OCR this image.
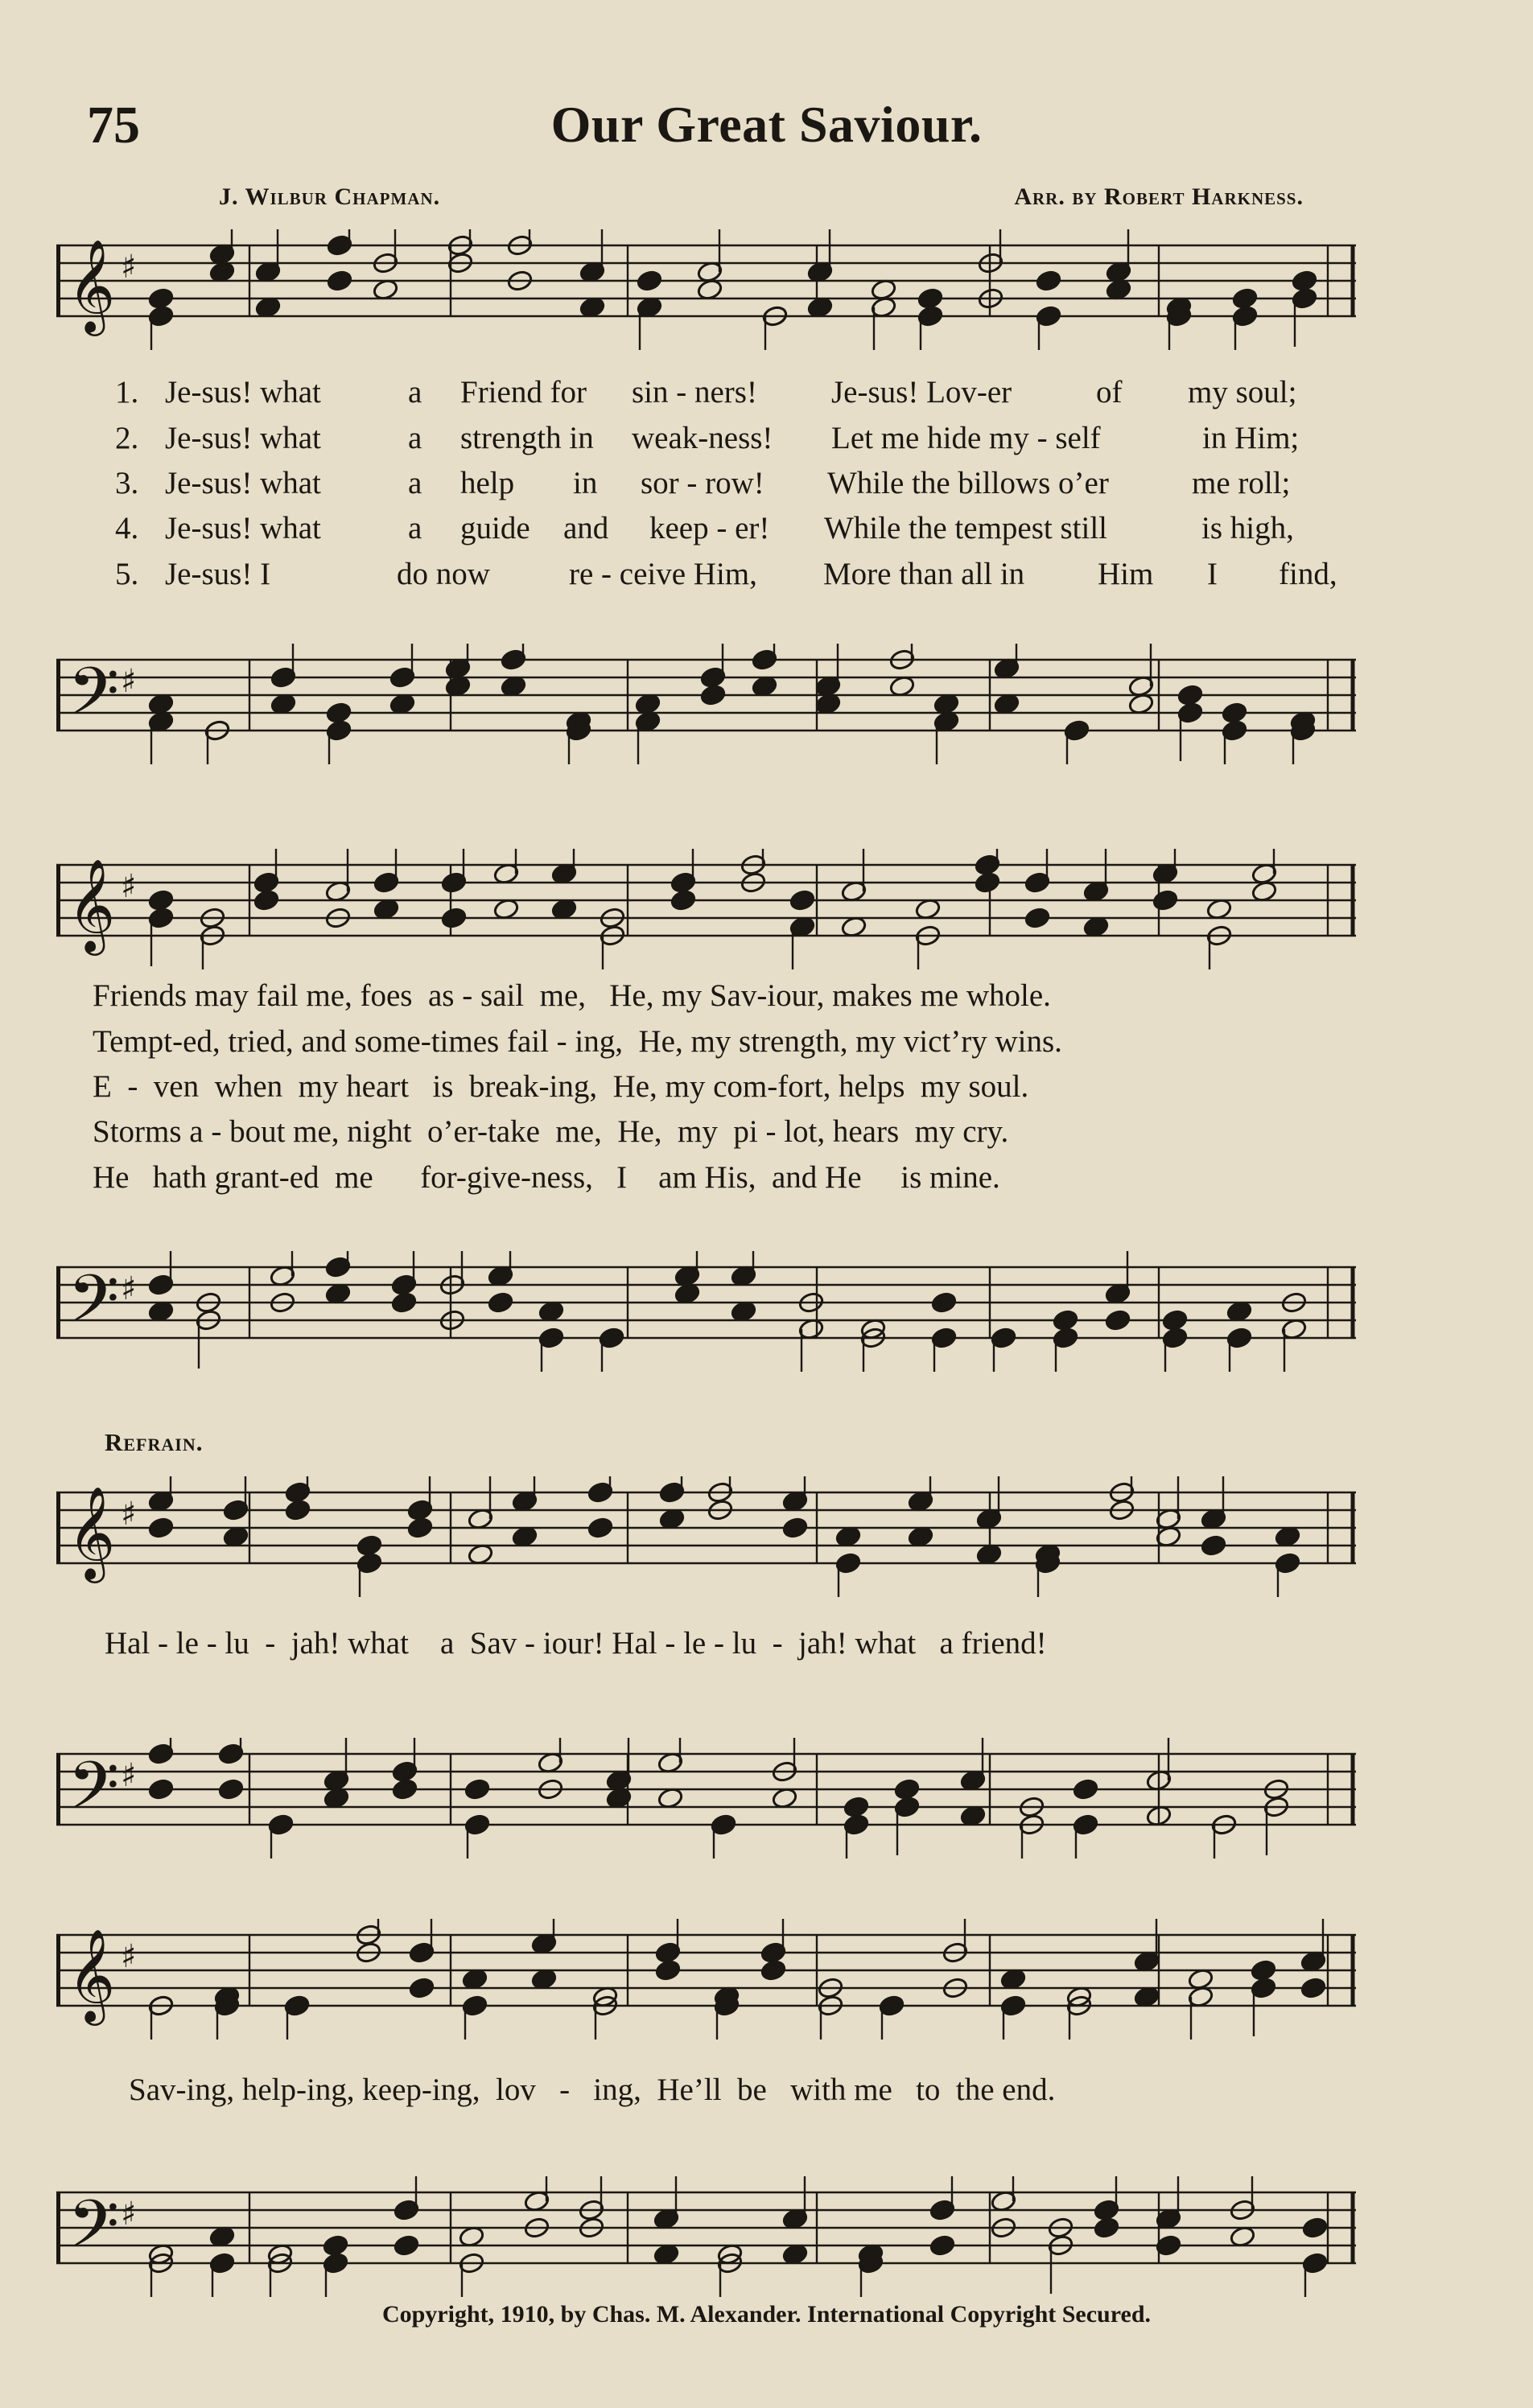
75	Our Great Saviour.
J. Wilbur Chapman.	Arr. by Robert Harkness.
𝄞 ♯
𝄢 ♯
𝄞 ♯
𝄢 ♯
𝄞 ♯
𝄢 ♯
𝄞 ♯
𝄢 ♯
1. Je-sus! what	a Friend for sin - ners! Je-sus! Lov-er	of my soul;
2. Je-sus! what	a strength in weak-ness! Let me hide my - self	in Him;
3. Je-sus! what	a help in sor - row! While the billows o’er	me roll;
4. Je-sus! what	a guide and keep - er! While the tempest still	is high,
5. Je-sus! I	do now	re - ceive Him, More than all in Him I find,
Friends may fail me, foes  as - sail  me,   He, my Sav-iour, makes me whole.
Tempt-ed, tried, and some-times fail - ing,  He, my strength, my vict’ry wins.
E  -  ven  when  my heart   is  break-ing,  He, my com-fort, helps  my soul.
Storms a - bout me, night  o’er-take  me,  He,  my  pi - lot, hears  my cry.
He   hath grant-ed  me      for-give-ness,   I    am His,  and He     is mine.
Refrain.
Hal - le - lu  -  jah! what    a  Sav - iour! Hal - le - lu  -  jah! what   a friend!
Sav-ing, help-ing, keep-ing,  lov   -   ing,  He’ll  be   with me   to  the end.
Copyright, 1910, by Chas. M. Alexander. International Copyright Secured.
